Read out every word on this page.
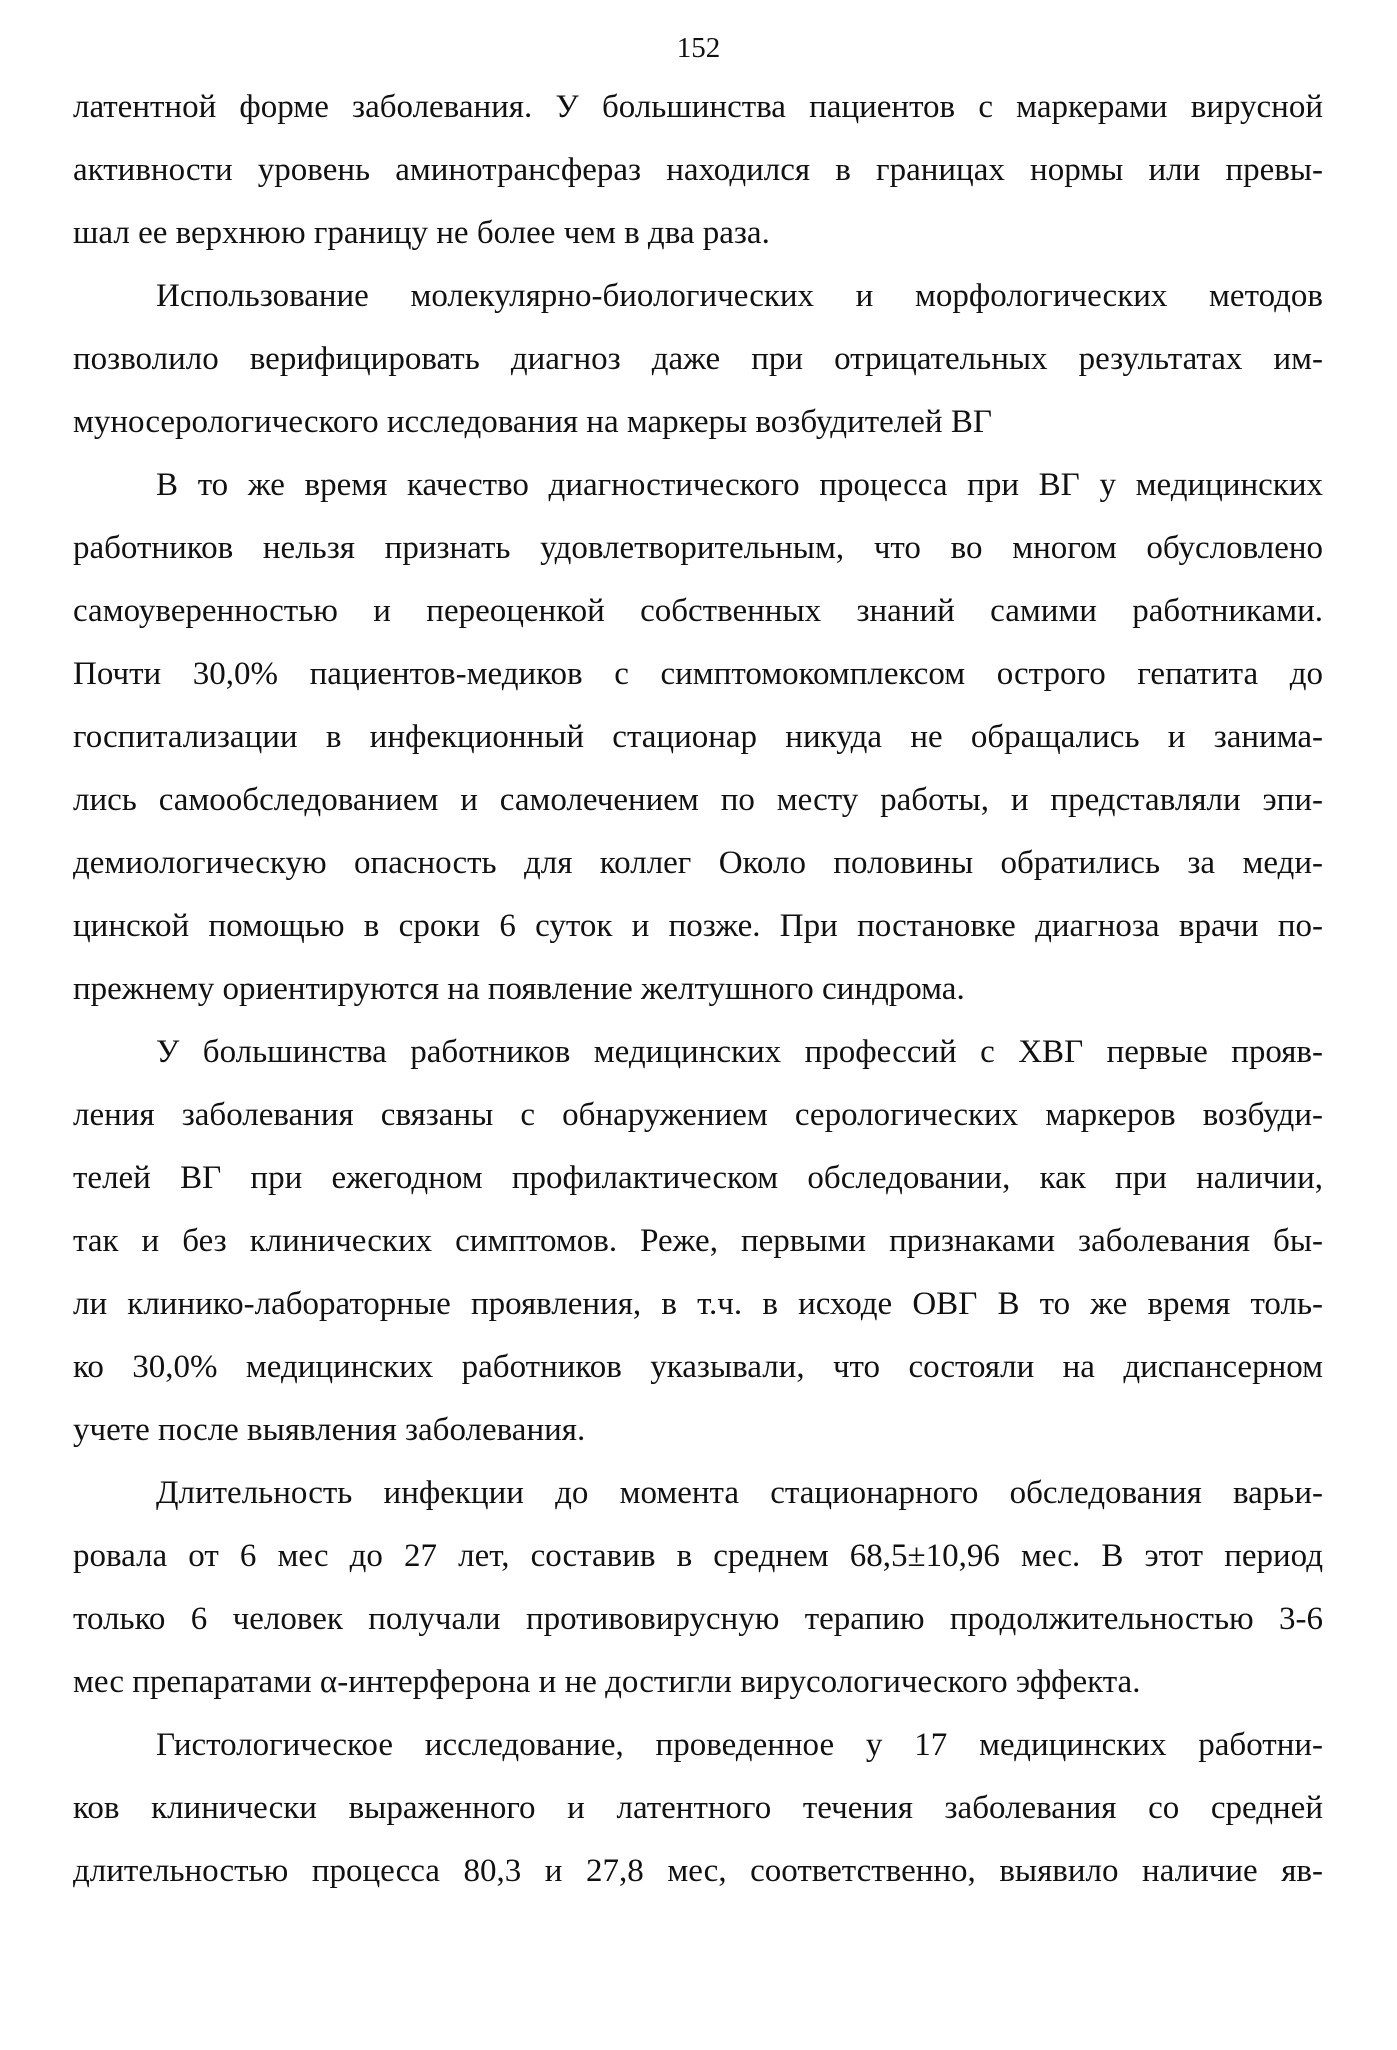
152
латентной форме заболевания. У большинства пациентов с маркерами вирусной
активности уровень аминотрансфераз находился в границах нормы или превы-
шал ее верхнюю границу не более чем в два раза.
Использование молекулярно-биологических и морфологических методов
позволило верифицировать диагноз даже при отрицательных результатах им-
муносерологического исследования на маркеры возбудителей ВГ
В то же время качество диагностического процесса при ВГ у медицинских
работников нельзя признать удовлетворительным, что во многом обусловлено
самоуверенностью и переоценкой собственных знаний самими работниками.
Почти 30,0% пациентов-медиков с симптомокомплексом острого гепатита до
госпитализации в инфекционный стационар никуда не обращались и занима-
лись самообследованием и самолечением по месту работы, и представляли эпи-
демиологическую опасность для коллег Около половины обратились за меди-
цинской помощью в сроки 6 суток и позже. При постановке диагноза врачи по-
прежнему ориентируются на появление желтушного синдрома.
У большинства работников медицинских профессий с ХВГ первые прояв-
ления заболевания связаны с обнаружением серологических маркеров возбуди-
телей ВГ при ежегодном профилактическом обследовании, как при наличии,
так и без клинических симптомов. Реже, первыми признаками заболевания бы-
ли клинико-лабораторные проявления, в т.ч. в исходе ОВГ В то же время толь-
ко 30,0% медицинских работников указывали, что состояли на диспансерном
учете после выявления заболевания.
Длительность инфекции до момента стационарного обследования варьи-
ровала от 6 мес до 27 лет, составив в среднем 68,5±10,96 мес. В этот период
только 6 человек получали противовирусную терапию продолжительностью 3-6
мес препаратами α-интерферона и не достигли вирусологического эффекта.
Гистологическое исследование, проведенное у 17 медицинских работни-
ков клинически выраженного и латентного течения заболевания со средней
длительностью процесса 80,3 и 27,8 мес, соответственно, выявило наличие яв-
